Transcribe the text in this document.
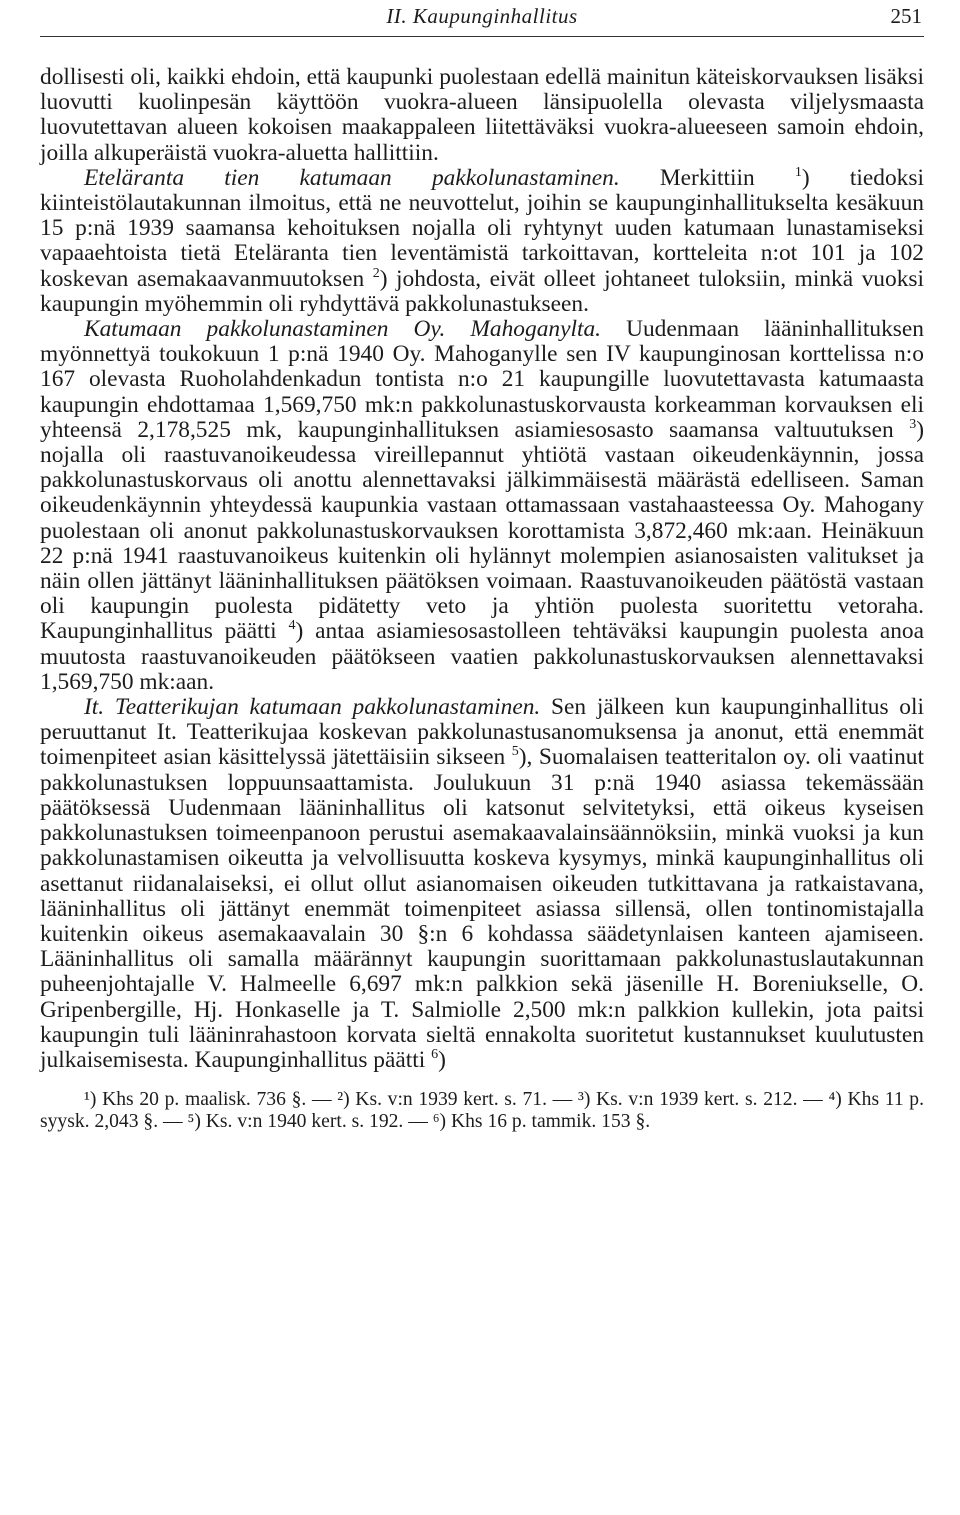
II. Kaupunginhallitus	251

dollisesti oli, kaikki ehdoin, että kaupunki puolestaan edellä mainitun käteiskorvauksen lisäksi luovutti kuolinpesän käyttöön vuokra-alueen länsipuolella olevasta viljelysmaasta luovutettavan alueen kokoisen maakappaleen liitettäväksi vuokra-alueeseen samoin ehdoin, joilla alkuperäistä vuokra-aluetta hallittiin.

Eteläranta tien katumaan pakkolunastaminen. Merkittiin $^1$) tiedoksi kiinteistölautakunnan ilmoitus, että ne neuvottelut, joihin se kaupunginhallitukselta kesäkuun 15 p:nä 1939 saamansa kehoituksen nojalla oli ryhtynyt uuden katumaan lunastamiseksi vapaaehtoista tietä Eteläranta tien leventämistä tarkoittavan, kortteleita n:ot 101 ja 102 koskevan asemakaavanmuutoksen $^2$) johdosta, eivät olleet johtaneet tuloksiin, minkä vuoksi kaupungin myöhemmin oli ryhdyttävä pakkolunastukseen.

Katumaan pakkolunastaminen Oy. Mahoganylta. Uudenmaan lääninhallituksen myönnettyä toukokuun 1 p:nä 1940 Oy. Mahoganylle sen IV kaupunginosan korttelissa n:o 167 olevasta Ruoholahdenkadun tontista n:o 21 kaupungille luovutettavasta katumaasta kaupungin ehdottamaa 1,569,750 mk:n pakkolunastuskorvausta korkeamman korvauksen eli yhteensä 2,178,525 mk, kaupunginhallituksen asiamiesosasto saamansa valtuutuksen $^3$) nojalla oli raastuvanoikeudessa vireillepannut yhtiötä vastaan oikeudenkäynnin, jossa pakkolunastuskorvaus oli anottu alennettavaksi jälkimmäisestä määrästä edelliseen. Saman oikeudenkäynnin yhteydessä kaupunkia vastaan ottamassaan vastahaasteessa Oy. Mahogany puolestaan oli anonut pakkolunastuskorvauksen korottamista 3,872,460 mk:aan. Heinäkuun 22 p:nä 1941 raastuvanoikeus kuitenkin oli hylännyt molempien asianosaisten valitukset ja näin ollen jättänyt lääninhallituksen päätöksen voimaan. Raastuvanoikeuden päätöstä vastaan oli kaupungin puolesta pidätetty veto ja yhtiön puolesta suoritettu vetoraha. Kaupunginhallitus päätti $^4$) antaa asiamiesosastolleen tehtäväksi kaupungin puolesta anoa muutosta raastuvanoikeuden päätökseen vaatien pakkolunastuskorvauksen alennettavaksi 1,569,750 mk:aan.

It. Teatterikujan katumaan pakkolunastaminen. Sen jälkeen kun kaupunginhallitus oli peruuttanut It. Teatterikujaa koskevan pakkolunastusanomuksensa ja anonut, että enemmät toimenpiteet asian käsittelyssä jätettäisiin sikseen $^5$), Suomalaisen teatteritalon oy. oli vaatinut pakkolunastuksen loppuunsaattamista. Joulukuun 31 p:nä 1940 asiassa tekemässään päätöksessä Uudenmaan lääninhallitus oli katsonut selvitetyksi, että oikeus kyseisen pakkolunastuksen toimeenpanoon perustui asemakaavalainsäännöksiin, minkä vuoksi ja kun pakkolunastamisen oikeutta ja velvollisuutta koskeva kysymys, minkä kaupunginhallitus oli asettanut riidanalaiseksi, ei ollut ollut asianomaisen oikeuden tutkittavana ja ratkaistavana, lääninhallitus oli jättänyt enemmät toimenpiteet asiassa sillensä, ollen tontinomistajalla kuitenkin oikeus asemakaavalain 30 §:n 6 kohdassa säädetynlaisen kanteen ajamiseen. Lääninhallitus oli samalla määrännyt kaupungin suorittamaan pakkolunastuslautakunnan puheenjohtajalle V. Halmeelle 6,697 mk:n palkkion sekä jäsenille H. Boreniukselle, O. Gripenbergille, Hj. Honkaselle ja T. Salmiolle 2,500 mk:n palkkion kullekin, jota paitsi kaupungin tuli lääninrahastoon korvata sieltä ennakolta suoritetut kustannukset kuulutusten julkaisemisesta. Kaupunginhallitus päätti $^6$)

¹) Khs 20 p. maalisk. 736 §. — ²) Ks. v:n 1939 kert. s. 71. — ³) Ks. v:n 1939 kert. s. 212. — ⁴) Khs 11 p. syysk. 2,043 §. — ⁵) Ks. v:n 1940 kert. s. 192. — ⁶) Khs 16 p. tammik. 153 §.
